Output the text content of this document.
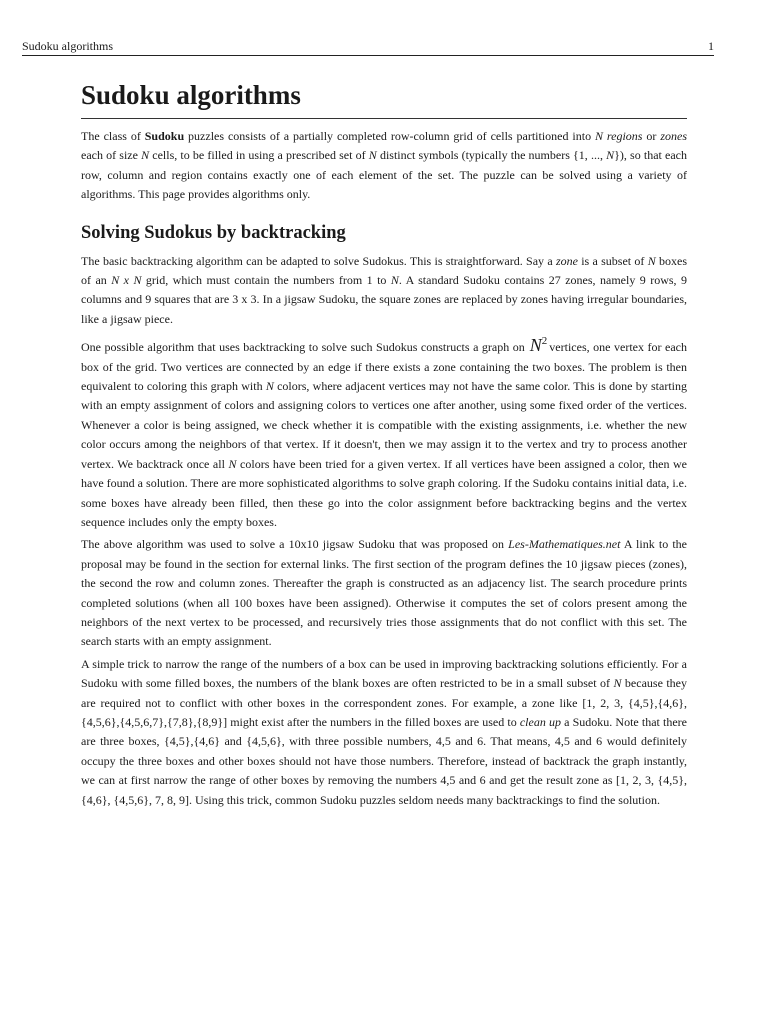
Sudoku algorithms	1
Sudoku algorithms

The class of Sudoku puzzles consists of a partially completed row-column grid of cells partitioned into N regions or zones each of size N cells, to be filled in using a prescribed set of N distinct symbols (typically the numbers {1, ..., N}), so that each row, column and region contains exactly one of each element of the set. The puzzle can be solved using a variety of algorithms. This page provides algorithms only.

Solving Sudokus by backtracking

The basic backtracking algorithm can be adapted to solve Sudokus. This is straightforward. Say a zone is a subset of N boxes of an N x N grid, which must contain the numbers from 1 to N. A standard Sudoku contains 27 zones, namely 9 rows, 9 columns and 9 squares that are 3 x 3. In a jigsaw Sudoku, the square zones are replaced by zones having irregular boundaries, like a jigsaw piece.

One possible algorithm that uses backtracking to solve such Sudokus constructs a graph on $N^2$ vertices, one vertex for each box of the grid. Two vertices are connected by an edge if there exists a zone containing the two boxes. The problem is then equivalent to coloring this graph with N colors, where adjacent vertices may not have the same color. This is done by starting with an empty assignment of colors and assigning colors to vertices one after another, using some fixed order of the vertices. Whenever a color is being assigned, we check whether it is compatible with the existing assignments, i.e. whether the new color occurs among the neighbors of that vertex. If it doesn't, then we may assign it to the vertex and try to process another vertex. We backtrack once all N colors have been tried for a given vertex. If all vertices have been assigned a color, then we have found a solution. There are more sophisticated algorithms to solve graph coloring. If the Sudoku contains initial data, i.e. some boxes have already been filled, then these go into the color assignment before backtracking begins and the vertex sequence includes only the empty boxes.

The above algorithm was used to solve a 10x10 jigsaw Sudoku that was proposed on Les-Mathematiques.net A link to the proposal may be found in the section for external links. The first section of the program defines the 10 jigsaw pieces (zones), the second the row and column zones. Thereafter the graph is constructed as an adjacency list. The search procedure prints completed solutions (when all 100 boxes have been assigned). Otherwise it computes the set of colors present among the neighbors of the next vertex to be processed, and recursively tries those assignments that do not conflict with this set. The search starts with an empty assignment.

A simple trick to narrow the range of the numbers of a box can be used in improving backtracking solutions efficiently. For a Sudoku with some filled boxes, the numbers of the blank boxes are often restricted to be in a small subset of N because they are required not to conflict with other boxes in the correspondent zones. For example, a zone like [1, 2, 3, {4,5},{4,6},{4,5,6},{4,5,6,7},{7,8},{8,9}] might exist after the numbers in the filled boxes are used to clean up a Sudoku. Note that there are three boxes, {4,5},{4,6} and {4,5,6}, with three possible numbers, 4,5 and 6. That means, 4,5 and 6 would definitely occupy the three boxes and other boxes should not have those numbers. Therefore, instead of backtrack the graph instantly, we can at first narrow the range of other boxes by removing the numbers 4,5 and 6 and get the result zone as [1, 2, 3, {4,5}, {4,6}, {4,5,6}, 7, 8, 9]. Using this trick, common Sudoku puzzles seldom needs many backtrackings to find the solution.
